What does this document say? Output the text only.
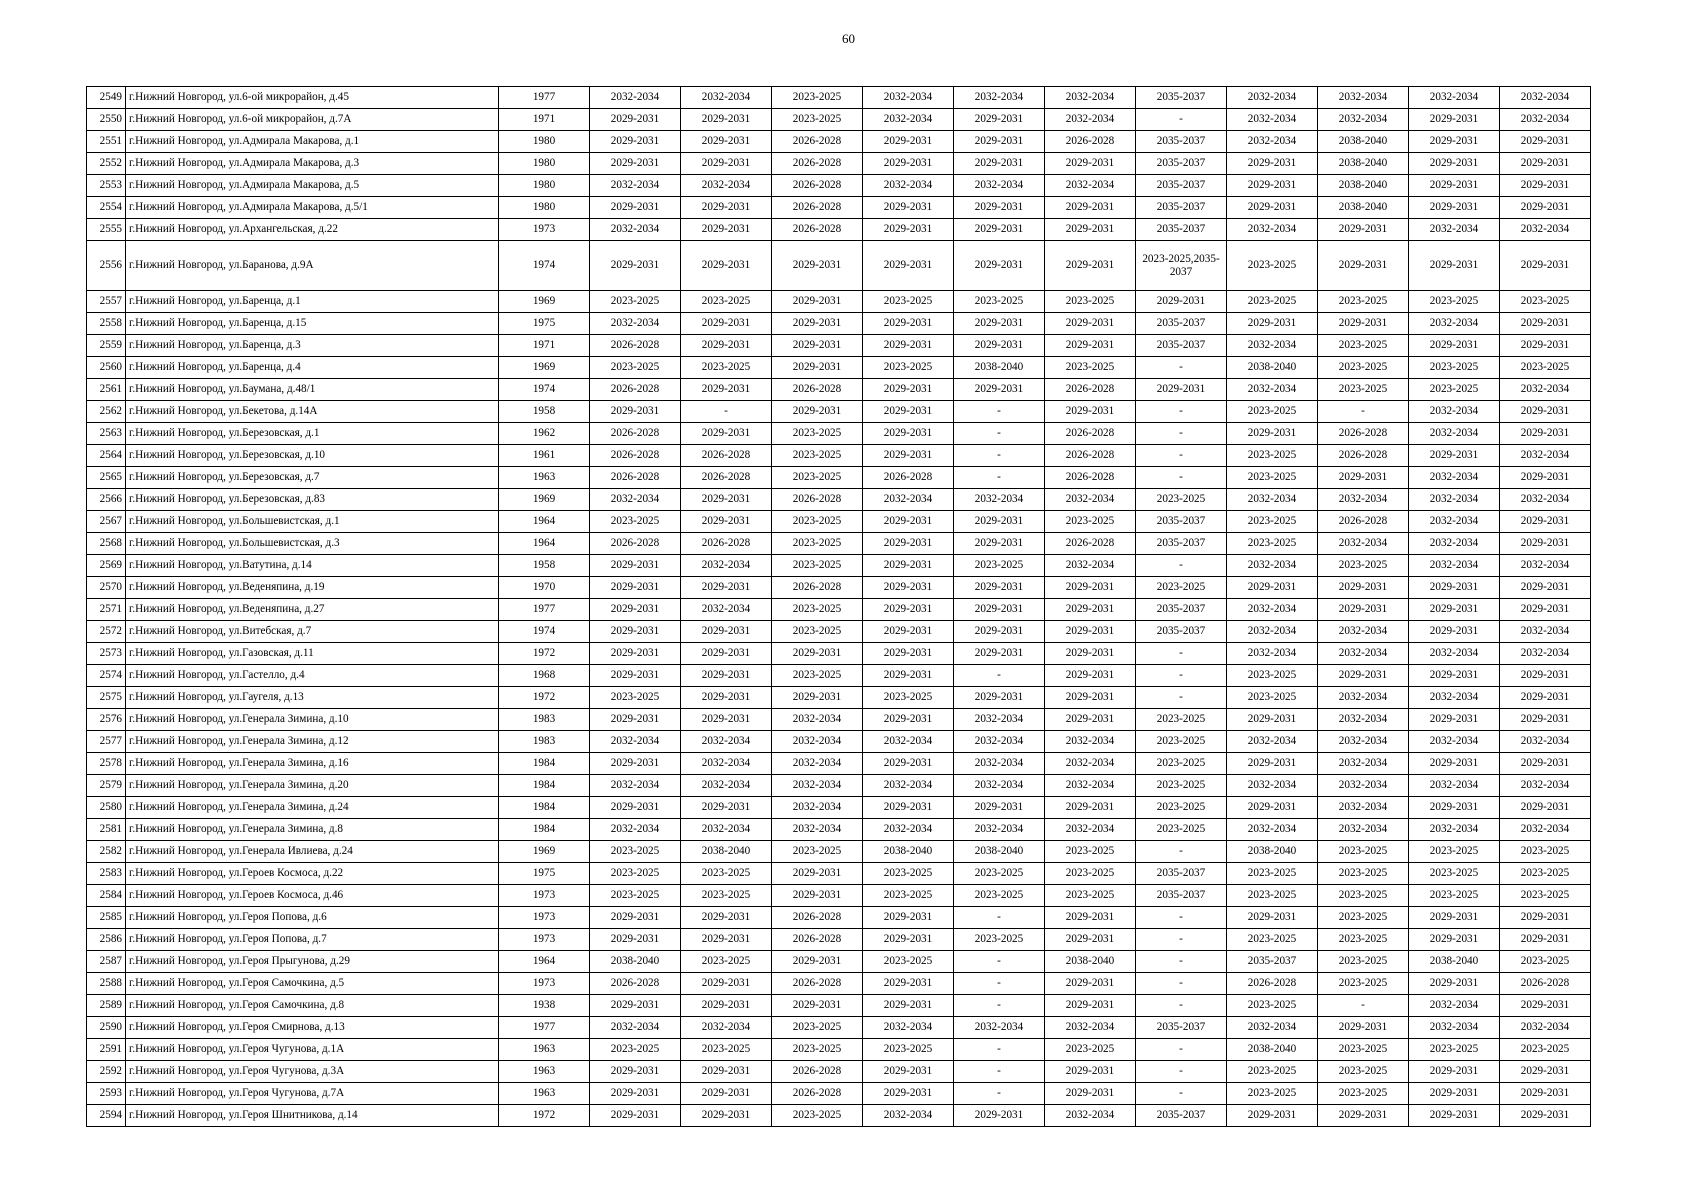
60
2549	г.Нижний Новгород, ул.6-ой микрорайон, д.45	1977	2032-2034	2032-2034	2023-2025	2032-2034	2032-2034	2032-2034	2035-2037	2032-2034	2032-2034	2032-2034	2032-2034
2550	г.Нижний Новгород, ул.6-ой микрорайон, д.7А	1971	2029-2031	2029-2031	2023-2025	2032-2034	2029-2031	2032-2034	-	2032-2034	2032-2034	2029-2031	2032-2034
2551	г.Нижний Новгород, ул.Адмирала Макарова, д.1	1980	2029-2031	2029-2031	2026-2028	2029-2031	2029-2031	2026-2028	2035-2037	2032-2034	2038-2040	2029-2031	2029-2031
2552	г.Нижний Новгород, ул.Адмирала Макарова, д.3	1980	2029-2031	2029-2031	2026-2028	2029-2031	2029-2031	2029-2031	2035-2037	2029-2031	2038-2040	2029-2031	2029-2031
2553	г.Нижний Новгород, ул.Адмирала Макарова, д.5	1980	2032-2034	2032-2034	2026-2028	2032-2034	2032-2034	2032-2034	2035-2037	2029-2031	2038-2040	2029-2031	2029-2031
2554	г.Нижний Новгород, ул.Адмирала Макарова, д.5/1	1980	2029-2031	2029-2031	2026-2028	2029-2031	2029-2031	2029-2031	2035-2037	2029-2031	2038-2040	2029-2031	2029-2031
2555	г.Нижний Новгород, ул.Архангельская, д.22	1973	2032-2034	2029-2031	2026-2028	2029-2031	2029-2031	2029-2031	2035-2037	2032-2034	2029-2031	2032-2034	2032-2034
2556	г.Нижний Новгород, ул.Баранова, д.9А	1974	2029-2031	2029-2031	2029-2031	2029-2031	2029-2031	2029-2031	2023-2025,2035-2037	2023-2025	2029-2031	2029-2031	2029-2031
2557	г.Нижний Новгород, ул.Баренца, д.1	1969	2023-2025	2023-2025	2029-2031	2023-2025	2023-2025	2023-2025	2029-2031	2023-2025	2023-2025	2023-2025	2023-2025
2558	г.Нижний Новгород, ул.Баренца, д.15	1975	2032-2034	2029-2031	2029-2031	2029-2031	2029-2031	2029-2031	2035-2037	2029-2031	2029-2031	2032-2034	2029-2031
2559	г.Нижний Новгород, ул.Баренца, д.3	1971	2026-2028	2029-2031	2029-2031	2029-2031	2029-2031	2029-2031	2035-2037	2032-2034	2023-2025	2029-2031	2029-2031
2560	г.Нижний Новгород, ул.Баренца, д.4	1969	2023-2025	2023-2025	2029-2031	2023-2025	2038-2040	2023-2025	-	2038-2040	2023-2025	2023-2025	2023-2025
2561	г.Нижний Новгород, ул.Баумана, д.48/1	1974	2026-2028	2029-2031	2026-2028	2029-2031	2029-2031	2026-2028	2029-2031	2032-2034	2023-2025	2023-2025	2032-2034
2562	г.Нижний Новгород, ул.Бекетова, д.14А	1958	2029-2031	-	2029-2031	2029-2031	-	2029-2031	-	2023-2025	-	2032-2034	2029-2031
2563	г.Нижний Новгород, ул.Березовская, д.1	1962	2026-2028	2029-2031	2023-2025	2029-2031	-	2026-2028	-	2029-2031	2026-2028	2032-2034	2029-2031
2564	г.Нижний Новгород, ул.Березовская, д.10	1961	2026-2028	2026-2028	2023-2025	2029-2031	-	2026-2028	-	2023-2025	2026-2028	2029-2031	2032-2034
2565	г.Нижний Новгород, ул.Березовская, д.7	1963	2026-2028	2026-2028	2023-2025	2026-2028	-	2026-2028	-	2023-2025	2029-2031	2032-2034	2029-2031
2566	г.Нижний Новгород, ул.Березовская, д.83	1969	2032-2034	2029-2031	2026-2028	2032-2034	2032-2034	2032-2034	2023-2025	2032-2034	2032-2034	2032-2034	2032-2034
2567	г.Нижний Новгород, ул.Большевистская, д.1	1964	2023-2025	2029-2031	2023-2025	2029-2031	2029-2031	2023-2025	2035-2037	2023-2025	2026-2028	2032-2034	2029-2031
2568	г.Нижний Новгород, ул.Большевистская, д.3	1964	2026-2028	2026-2028	2023-2025	2029-2031	2029-2031	2026-2028	2035-2037	2023-2025	2032-2034	2032-2034	2029-2031
2569	г.Нижний Новгород, ул.Ватутина, д.14	1958	2029-2031	2032-2034	2023-2025	2029-2031	2023-2025	2032-2034	-	2032-2034	2023-2025	2032-2034	2032-2034
2570	г.Нижний Новгород, ул.Веденяпина, д.19	1970	2029-2031	2029-2031	2026-2028	2029-2031	2029-2031	2029-2031	2023-2025	2029-2031	2029-2031	2029-2031	2029-2031
2571	г.Нижний Новгород, ул.Веденяпина, д.27	1977	2029-2031	2032-2034	2023-2025	2029-2031	2029-2031	2029-2031	2035-2037	2032-2034	2029-2031	2029-2031	2029-2031
2572	г.Нижний Новгород, ул.Витебская, д.7	1974	2029-2031	2029-2031	2023-2025	2029-2031	2029-2031	2029-2031	2035-2037	2032-2034	2032-2034	2029-2031	2032-2034
2573	г.Нижний Новгород, ул.Газовская, д.11	1972	2029-2031	2029-2031	2029-2031	2029-2031	2029-2031	2029-2031	-	2032-2034	2032-2034	2032-2034	2032-2034
2574	г.Нижний Новгород, ул.Гастелло, д.4	1968	2029-2031	2029-2031	2023-2025	2029-2031	-	2029-2031	-	2023-2025	2029-2031	2029-2031	2029-2031
2575	г.Нижний Новгород, ул.Гаугеля, д.13	1972	2023-2025	2029-2031	2029-2031	2023-2025	2029-2031	2029-2031	-	2023-2025	2032-2034	2032-2034	2029-2031
2576	г.Нижний Новгород, ул.Генерала Зимина, д.10	1983	2029-2031	2029-2031	2032-2034	2029-2031	2032-2034	2029-2031	2023-2025	2029-2031	2032-2034	2029-2031	2029-2031
2577	г.Нижний Новгород, ул.Генерала Зимина, д.12	1983	2032-2034	2032-2034	2032-2034	2032-2034	2032-2034	2032-2034	2023-2025	2032-2034	2032-2034	2032-2034	2032-2034
2578	г.Нижний Новгород, ул.Генерала Зимина, д.16	1984	2029-2031	2032-2034	2032-2034	2029-2031	2032-2034	2032-2034	2023-2025	2029-2031	2032-2034	2029-2031	2029-2031
2579	г.Нижний Новгород, ул.Генерала Зимина, д.20	1984	2032-2034	2032-2034	2032-2034	2032-2034	2032-2034	2032-2034	2023-2025	2032-2034	2032-2034	2032-2034	2032-2034
2580	г.Нижний Новгород, ул.Генерала Зимина, д.24	1984	2029-2031	2029-2031	2032-2034	2029-2031	2029-2031	2029-2031	2023-2025	2029-2031	2032-2034	2029-2031	2029-2031
2581	г.Нижний Новгород, ул.Генерала Зимина, д.8	1984	2032-2034	2032-2034	2032-2034	2032-2034	2032-2034	2032-2034	2023-2025	2032-2034	2032-2034	2032-2034	2032-2034
2582	г.Нижний Новгород, ул.Генерала Ивлиева, д.24	1969	2023-2025	2038-2040	2023-2025	2038-2040	2038-2040	2023-2025	-	2038-2040	2023-2025	2023-2025	2023-2025
2583	г.Нижний Новгород, ул.Героев Космоса, д.22	1975	2023-2025	2023-2025	2029-2031	2023-2025	2023-2025	2023-2025	2035-2037	2023-2025	2023-2025	2023-2025	2023-2025
2584	г.Нижний Новгород, ул.Героев Космоса, д.46	1973	2023-2025	2023-2025	2029-2031	2023-2025	2023-2025	2023-2025	2035-2037	2023-2025	2023-2025	2023-2025	2023-2025
2585	г.Нижний Новгород, ул.Героя Попова, д.6	1973	2029-2031	2029-2031	2026-2028	2029-2031	-	2029-2031	-	2029-2031	2023-2025	2029-2031	2029-2031
2586	г.Нижний Новгород, ул.Героя Попова, д.7	1973	2029-2031	2029-2031	2026-2028	2029-2031	2023-2025	2029-2031	-	2023-2025	2023-2025	2029-2031	2029-2031
2587	г.Нижний Новгород, ул.Героя Прыгунова, д.29	1964	2038-2040	2023-2025	2029-2031	2023-2025	-	2038-2040	-	2035-2037	2023-2025	2038-2040	2023-2025
2588	г.Нижний Новгород, ул.Героя Самочкина, д.5	1973	2026-2028	2029-2031	2026-2028	2029-2031	-	2029-2031	-	2026-2028	2023-2025	2029-2031	2026-2028
2589	г.Нижний Новгород, ул.Героя Самочкина, д.8	1938	2029-2031	2029-2031	2029-2031	2029-2031	-	2029-2031	-	2023-2025	-	2032-2034	2029-2031
2590	г.Нижний Новгород, ул.Героя Смирнова, д.13	1977	2032-2034	2032-2034	2023-2025	2032-2034	2032-2034	2032-2034	2035-2037	2032-2034	2029-2031	2032-2034	2032-2034
2591	г.Нижний Новгород, ул.Героя Чугунова, д.1А	1963	2023-2025	2023-2025	2023-2025	2023-2025	-	2023-2025	-	2038-2040	2023-2025	2023-2025	2023-2025
2592	г.Нижний Новгород, ул.Героя Чугунова, д.3А	1963	2029-2031	2029-2031	2026-2028	2029-2031	-	2029-2031	-	2023-2025	2023-2025	2029-2031	2029-2031
2593	г.Нижний Новгород, ул.Героя Чугунова, д.7А	1963	2029-2031	2029-2031	2026-2028	2029-2031	-	2029-2031	-	2023-2025	2023-2025	2029-2031	2029-2031
2594	г.Нижний Новгород, ул.Героя Шнитникова, д.14	1972	2029-2031	2029-2031	2023-2025	2032-2034	2029-2031	2032-2034	2035-2037	2029-2031	2029-2031	2029-2031	2029-2031
